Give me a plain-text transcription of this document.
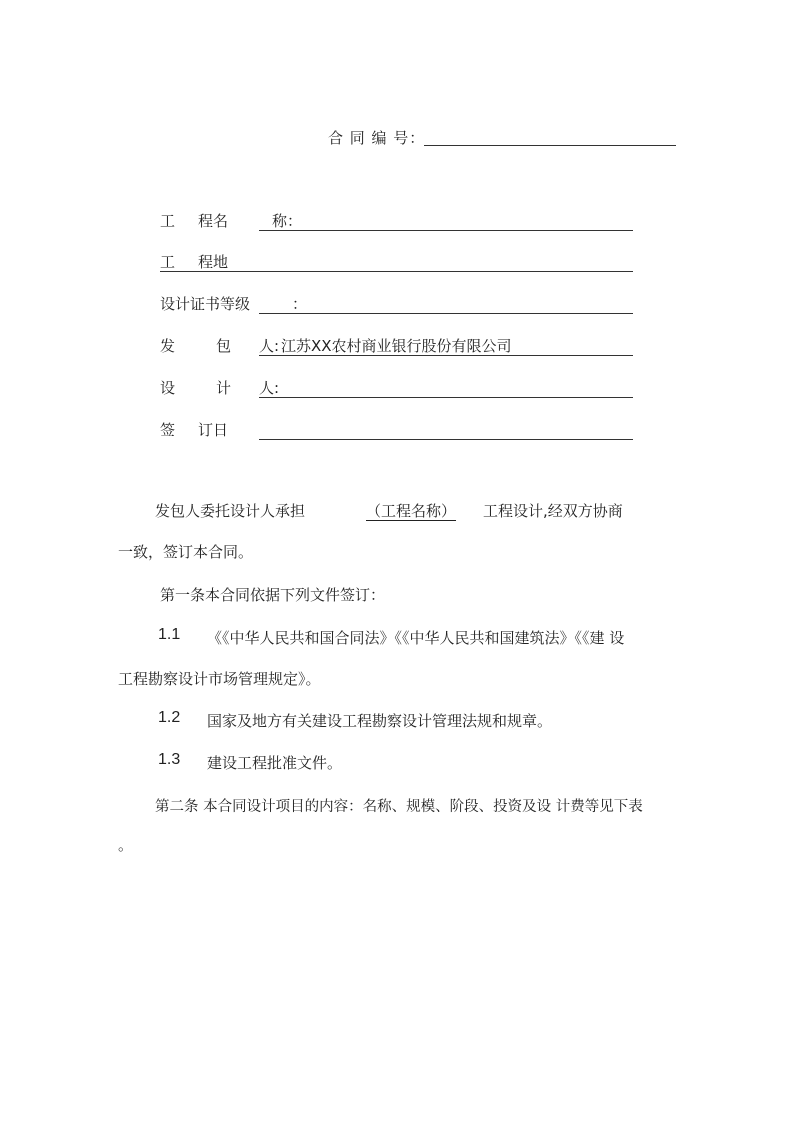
合 同 编 号：
工 程名	称：
工 程地
设计证书等级	：
发	包 人: 江苏XX农村商业银行股份有限公司
设	计 人:
签 订日
发包人委托设计人承担	（工程名称） 工程设计,经双方协商
一致，签订本合同。
第一条本合同依据下列文件签订：
1.1 《《中华人民共和国合同法》《《中华人民共和国建筑法》《《建 设
工程勘察设计市场管理规定》。
1.2 国家及地方有关建设工程勘察设计管理法规和规章。
1.3 建设工程批准文件。
第二条 本合同设计项目的内容：名称、规模、阶段、投资及设 计费等见下表
。
